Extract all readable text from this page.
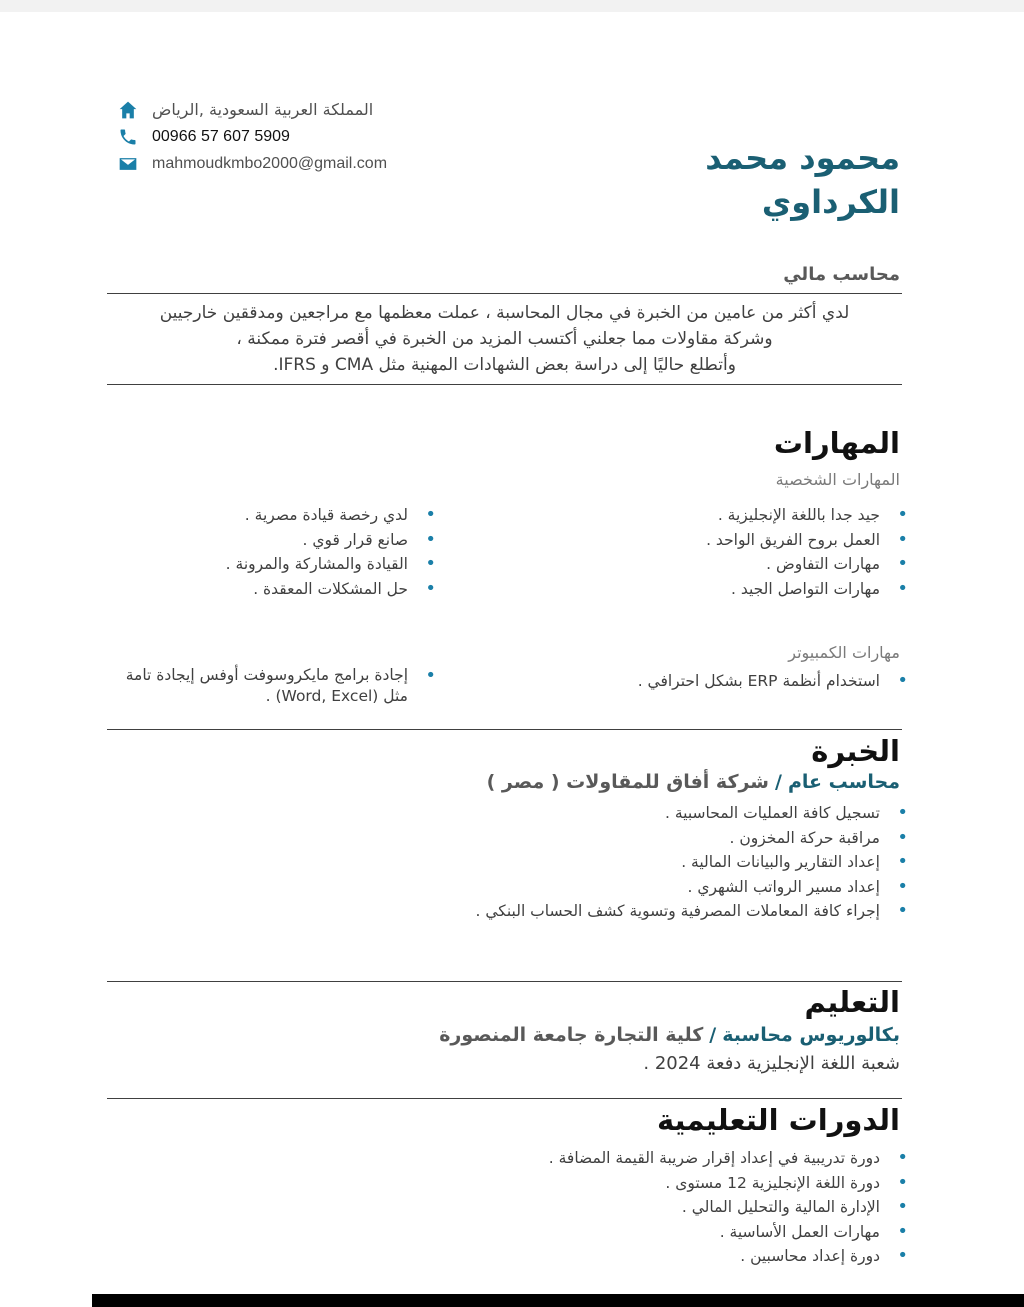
المملكة العربية السعودية ,الرياض
00966 57 607 5909
mahmoudkmbo2000@gmail.com	محمود محمد
الكرداوي
محاسب مالي

لدي أكثر من عامين من الخبرة في مجال المحاسبة ، عملت معظمها مع مراجعين ومدققين خارجيين

وشركة مقاولات مما جعلني أكتسب المزيد من الخبرة في أقصر فترة ممكنة ،

وأتطلع حاليًا إلى دراسة بعض الشهادات المهنية مثل CMA و IFRS.

المهارات
المهارات الشخصية
• جيد جدا باللغة الإنجليزية .
• العمل بروح الفريق الواحد .
• مهارات التفاوض .
• مهارات التواصل الجيد .
• لدي رخصة قيادة مصرية .
• صانع قرار قوي .
• القيادة والمشاركة والمرونة .
• حل المشكلات المعقدة .
مهارات الكمبيوتر
• استخدام أنظمة ERP بشكل احترافي .
• إجادة برامج مايكروسوفت أوفس إيجادة تامة مثل (Word, Excel) .
الخبرة
محاسب عام/شركة أفاق للمقاولات ( مصر )
• تسجيل كافة العمليات المحاسبية .
• مراقبة حركة المخزون .
• إعداد التقارير والبيانات المالية .
• إعداد مسير الرواتب الشهري .
• إجراء كافة المعاملات المصرفية وتسوية كشف الحساب البنكي .
التعليم
بكالوريوس محاسبة/كلية التجارة جامعة المنصورة
شعبة اللغة الإنجليزية دفعة 2024 .
الدورات التعليمية
• دورة تدريبية في إعداد إقرار ضريبة القيمة المضافة .
• دورة اللغة الإنجليزية 12 مستوى .
• الإدارة المالية والتحليل المالي .
• مهارات العمل الأساسية .
• دورة إعداد محاسبين .
